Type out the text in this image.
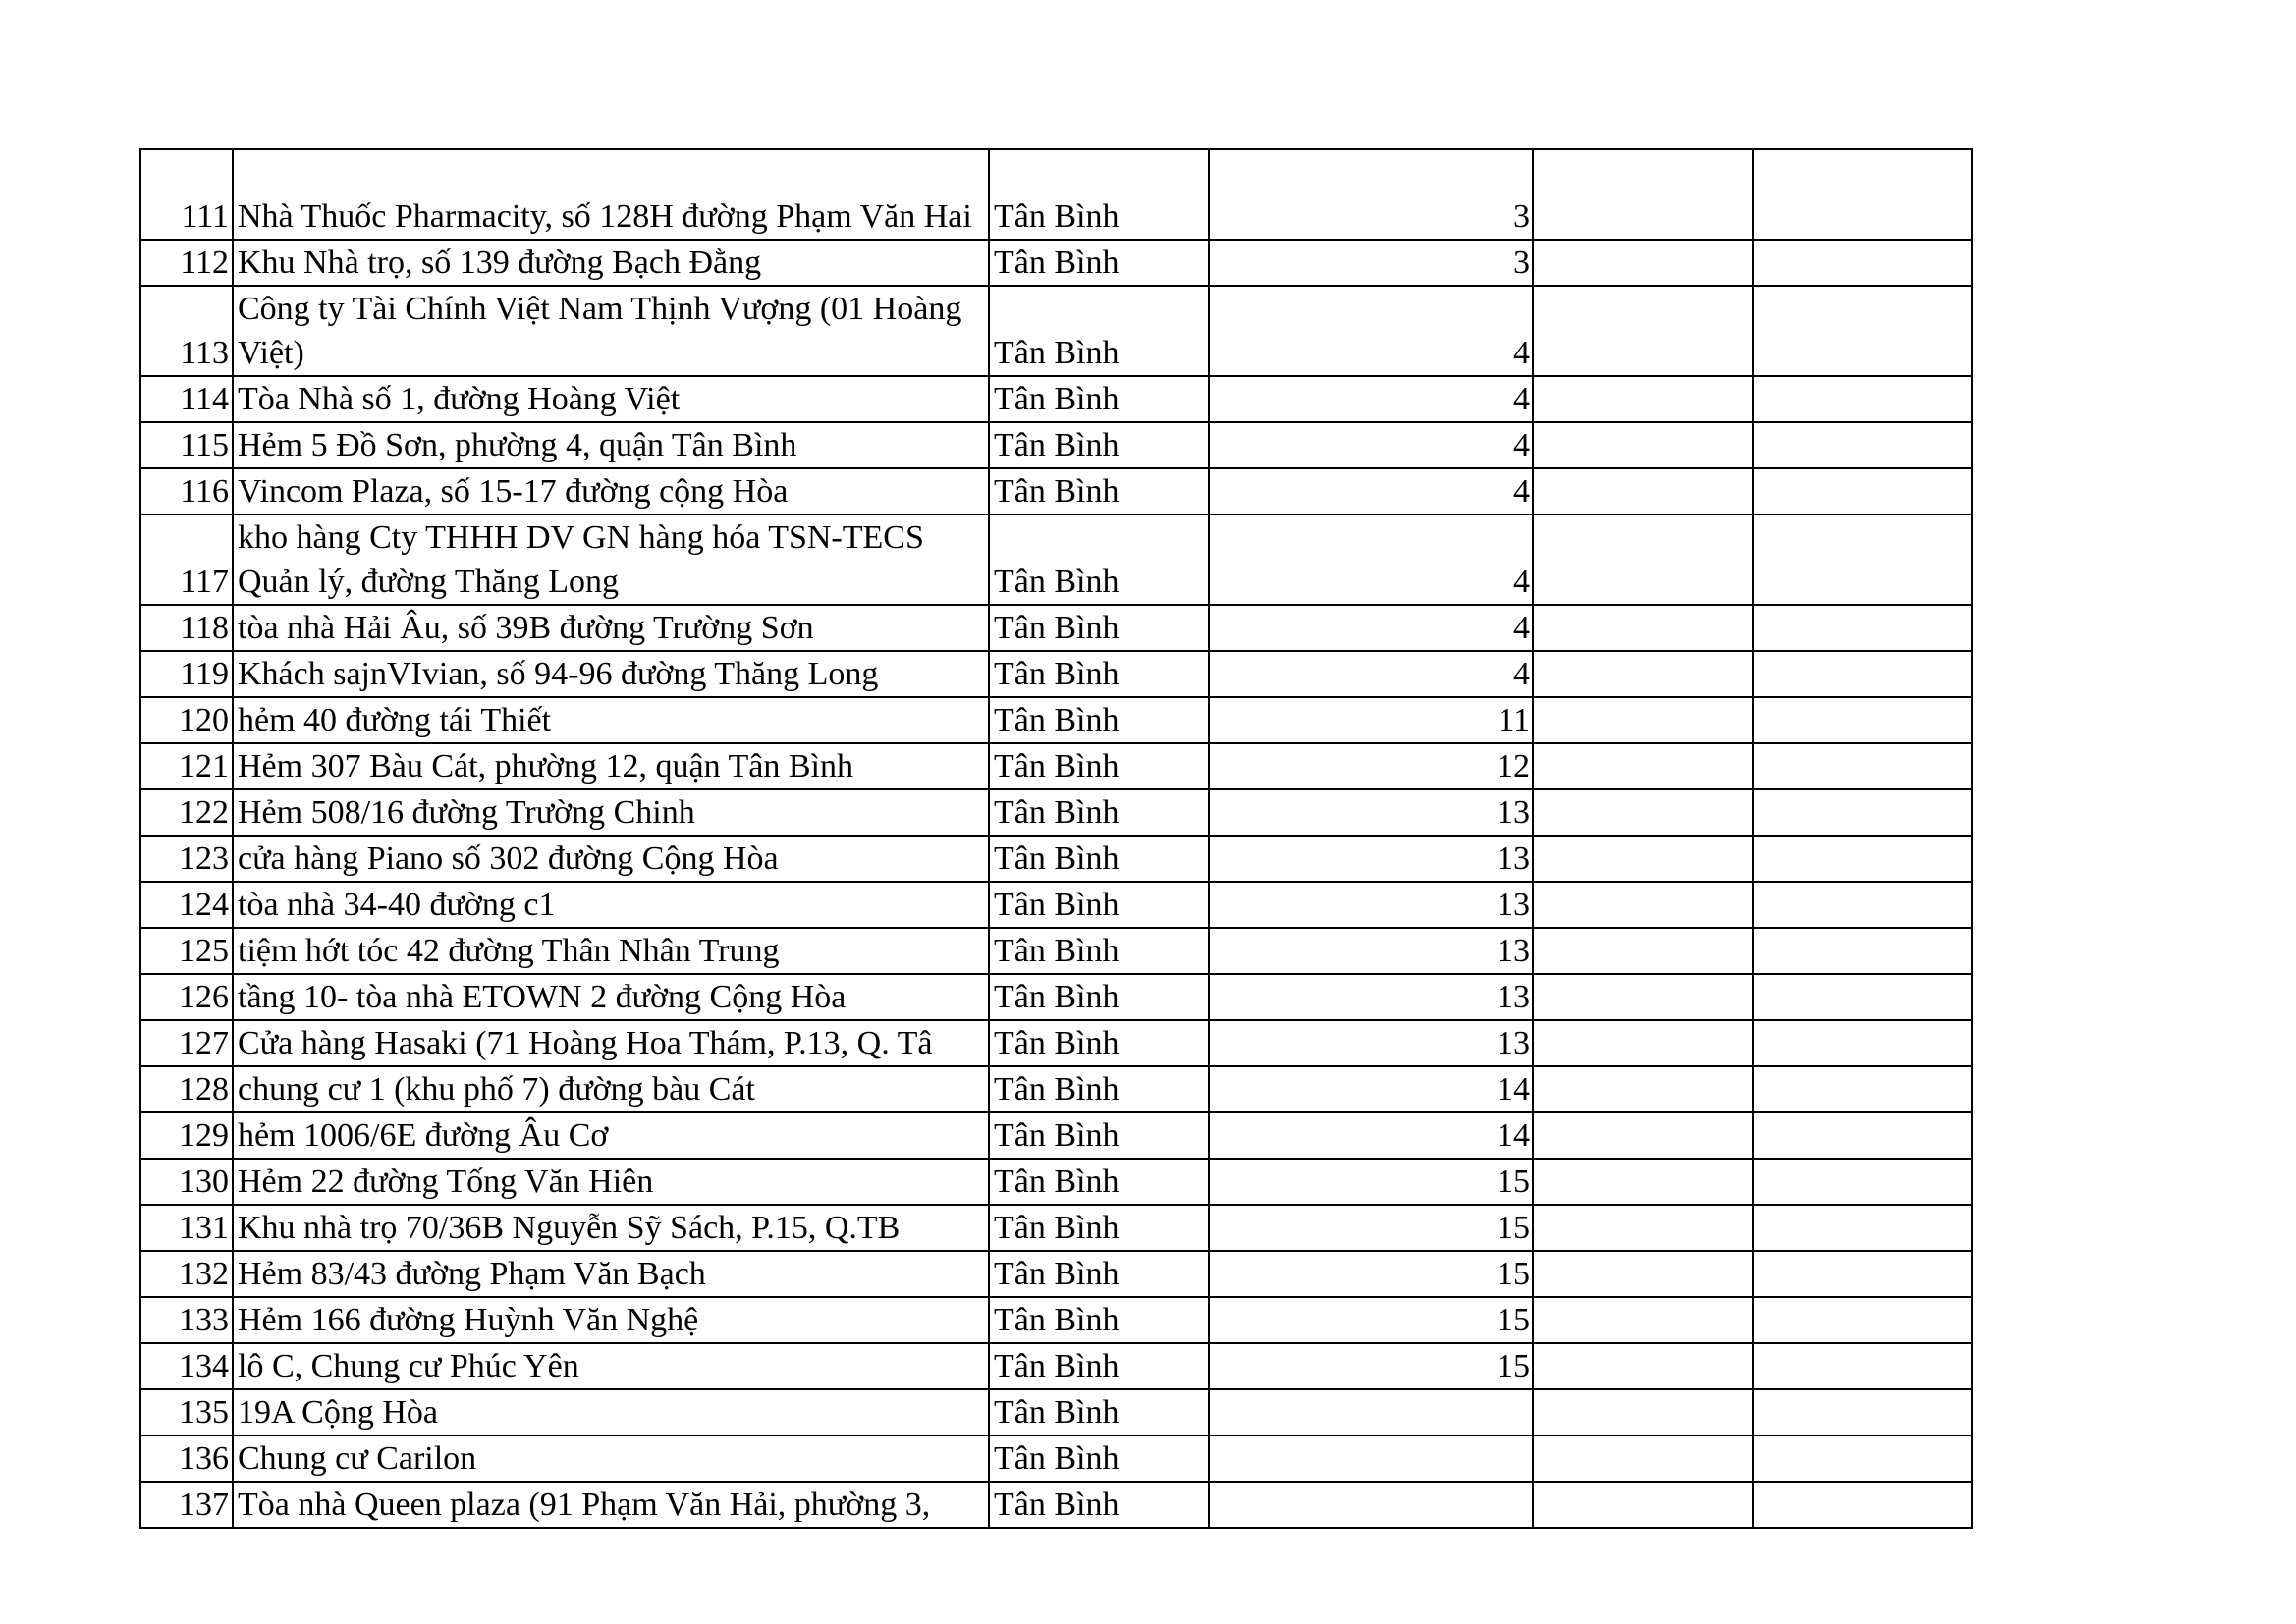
111	Nhà Thuốc Pharmacity, số 128H đường Phạm Văn Hai	Tân Bình	3		
112	Khu Nhà trọ, số 139 đường Bạch Đằng	Tân Bình	3		
113	Công ty Tài Chính Việt Nam Thịnh Vượng (01 Hoàng Việt)	Tân Bình	4		
114	Tòa Nhà số 1, đường Hoàng Việt	Tân Bình	4		
115	Hẻm 5 Đồ Sơn, phường 4, quận Tân Bình	Tân Bình	4		
116	Vincom Plaza, số 15-17 đường cộng Hòa	Tân Bình	4		
117	kho hàng Cty THHH DV GN hàng hóa TSN-TECS Quản lý, đường Thăng Long	Tân Bình	4		
118	tòa nhà Hải Âu, số 39B đường Trường Sơn	Tân Bình	4		
119	Khách sajnVIvian, số 94-96 đường Thăng Long	Tân Bình	4		
120	hẻm 40 đường tái Thiết	Tân Bình	11		
121	Hẻm 307 Bàu Cát, phường 12, quận Tân Bình	Tân Bình	12		
122	Hẻm 508/16 đường Trường Chinh	Tân Bình	13		
123	cửa hàng Piano số 302 đường Cộng Hòa	Tân Bình	13		
124	tòa nhà 34-40 đường c1	Tân Bình	13		
125	tiệm hớt tóc 42 đường Thân Nhân Trung	Tân Bình	13		
126	tầng 10- tòa nhà ETOWN 2 đường Cộng Hòa	Tân Bình	13		
127	Cửa hàng Hasaki (71 Hoàng Hoa Thám, P.13, Q. Tâ	Tân Bình	13		
128	chung cư 1 (khu phố 7) đường bàu Cát	Tân Bình	14		
129	hẻm 1006/6E đường Âu Cơ	Tân Bình	14		
130	Hẻm 22 đường Tống Văn Hiên	Tân Bình	15		
131	Khu nhà trọ 70/36B Nguyễn Sỹ Sách, P.15, Q.TB	Tân Bình	15		
132	Hẻm 83/43 đường Phạm Văn Bạch	Tân Bình	15		
133	Hẻm 166 đường Huỳnh Văn Nghệ	Tân Bình	15		
134	lô C, Chung cư Phúc Yên	Tân Bình	15		
135	19A Cộng Hòa	Tân Bình			
136	Chung cư Carilon	Tân Bình			
137	Tòa nhà Queen plaza (91 Phạm Văn Hải, phường 3,	Tân Bình			
